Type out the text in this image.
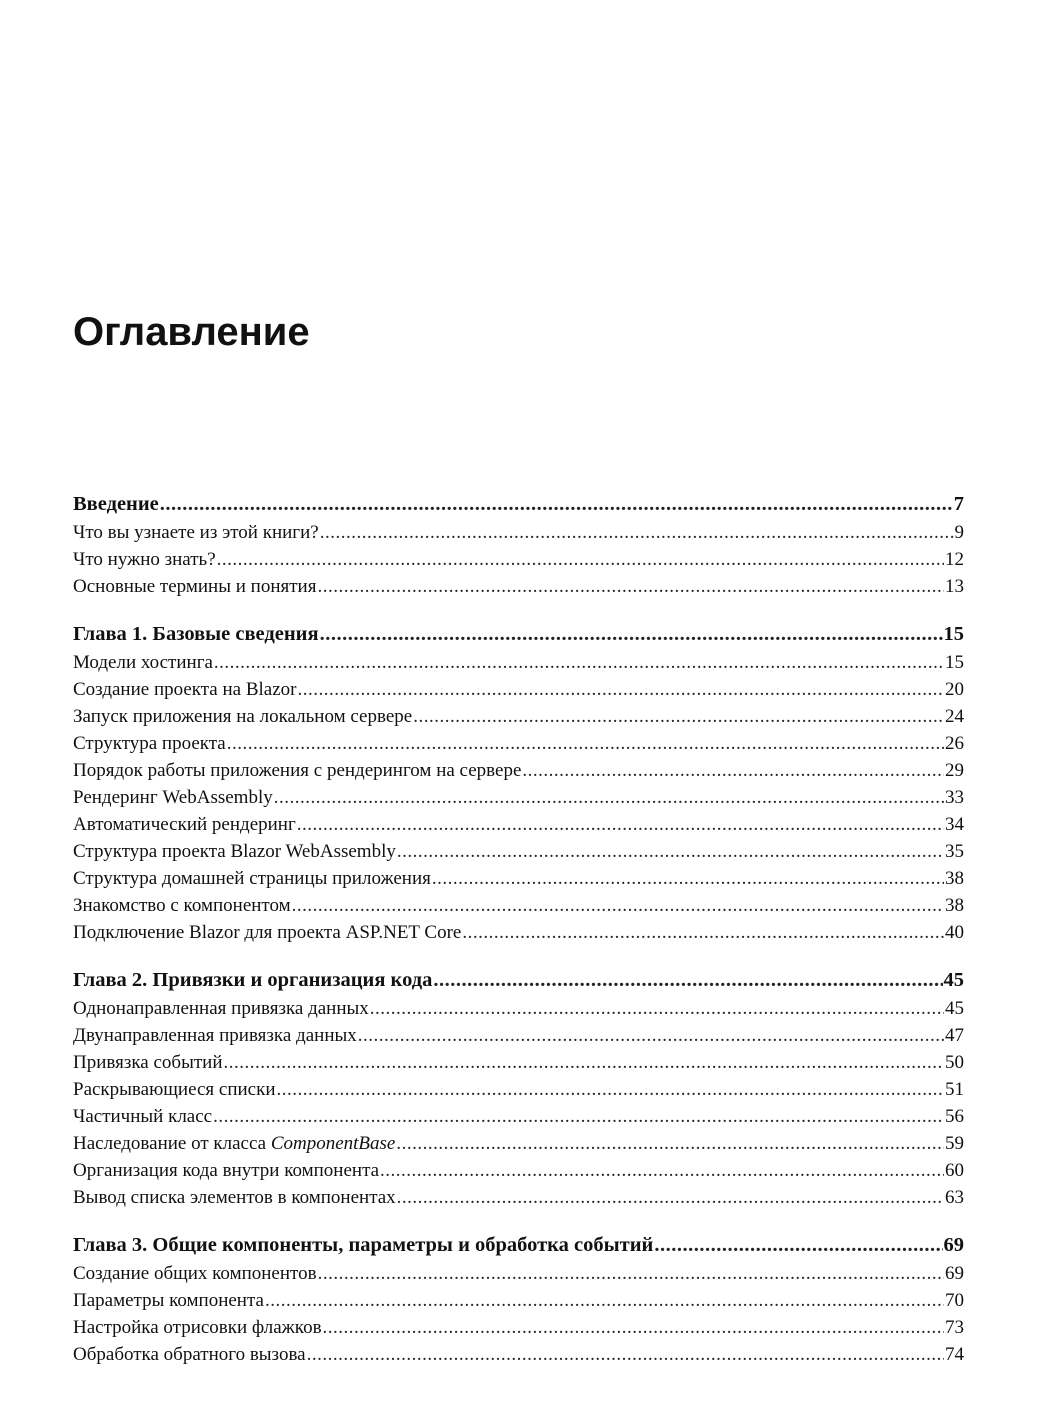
Оглавление
Введение .....	7
Что вы узнаете из этой книги? .....	9
Что нужно знать? .....	12
Основные термины и понятия .....	13
Глава 1. Базовые сведения .....	15
Модели хостинга .....	15
Создание проекта на Blazor .....	20
Запуск приложения на локальном сервере .....	24
Структура проекта .....	26
Порядок работы приложения с рендерингом на сервере .....	29
Рендеринг WebAssembly .....	33
Автоматический рендеринг .....	34
Структура проекта Blazor WebAssembly .....	35
Структура домашней страницы приложения .....	38
Знакомство с компонентом .....	38
Подключение Blazor для проекта ASP.NET Core .....	40
Глава 2. Привязки и организация кода .....	45
Однонаправленная привязка данных .....	45
Двунаправленная привязка данных .....	47
Привязка событий .....	50
Раскрывающиеся списки .....	51
Частичный класс .....	56
Наследование от класса ComponentBase .....	59
Организация кода внутри компонента .....	60
Вывод списка элементов в компонентах .....	63
Глава 3. Общие компоненты, параметры и обработка событий .....	69
Создание общих компонентов .....	69
Параметры компонента .....	70
Настройка отрисовки флажков .....	73
Обработка обратного вызова .....	74
